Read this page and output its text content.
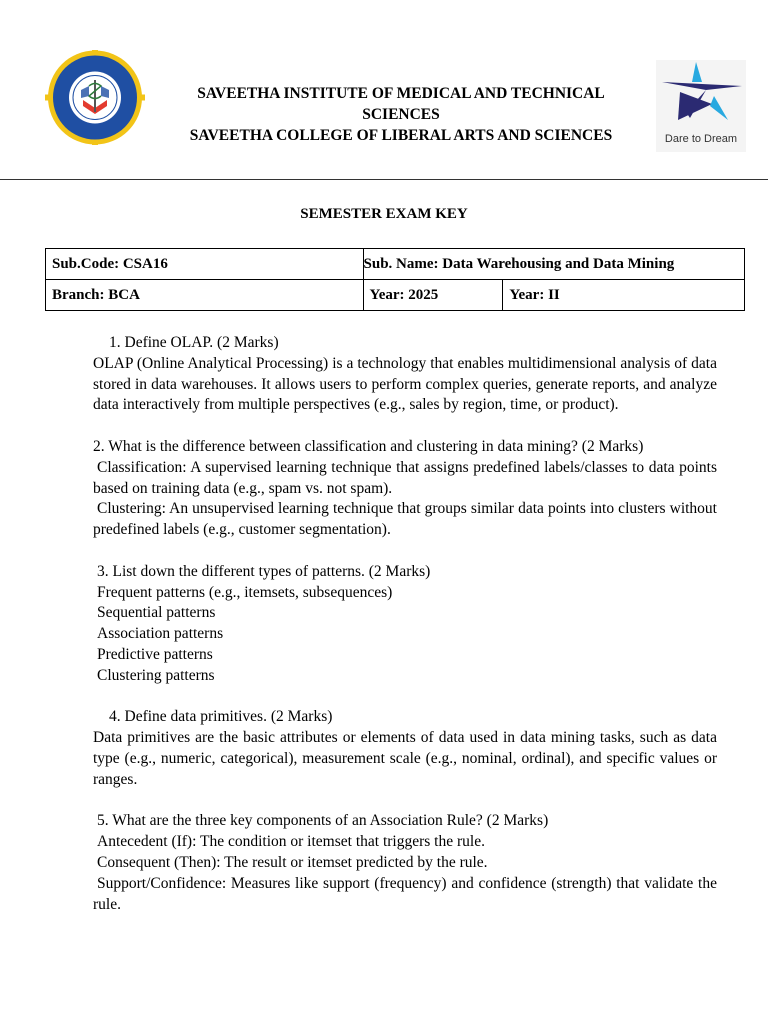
SAVEETHA INSTITUTE OF MEDICAL AND TECHNICAL SCIENCES
SAVEETHA COLLEGE OF LIBERAL ARTS AND SCIENCES	Dare to Dream
SEMESTER EXAM KEY
Sub.Code: CSA16	Sub. Name: Data Warehousing and Data Mining	
Branch: BCA	Year: 2025	Year: II

1. Define OLAP. (2 Marks)

OLAP (Online Analytical Processing) is a technology that enables multidimensional analysis of data stored in data warehouses. It allows users to perform complex queries, generate reports, and analyze data interactively from multiple perspectives (e.g., sales by region, time, or product).

2. What is the difference between classification and clustering in data mining? (2 Marks)

Classification: A supervised learning technique that assigns predefined labels/classes to data points based on training data (e.g., spam vs. not spam).

Clustering: An unsupervised learning technique that groups similar data points into clusters without predefined labels (e.g., customer segmentation).

3. List down the different types of patterns. (2 Marks)

Frequent patterns (e.g., itemsets, subsequences)

Sequential patterns

Association patterns

Predictive patterns

Clustering patterns

4. Define data primitives. (2 Marks)

Data primitives are the basic attributes or elements of data used in data mining tasks, such as data type (e.g., numeric, categorical), measurement scale (e.g., nominal, ordinal), and specific values or ranges.

5. What are the three key components of an Association Rule? (2 Marks)

Antecedent (If): The condition or itemset that triggers the rule.

Consequent (Then): The result or itemset predicted by the rule.

Support/Confidence: Measures like support (frequency) and confidence (strength) that validate the rule.
